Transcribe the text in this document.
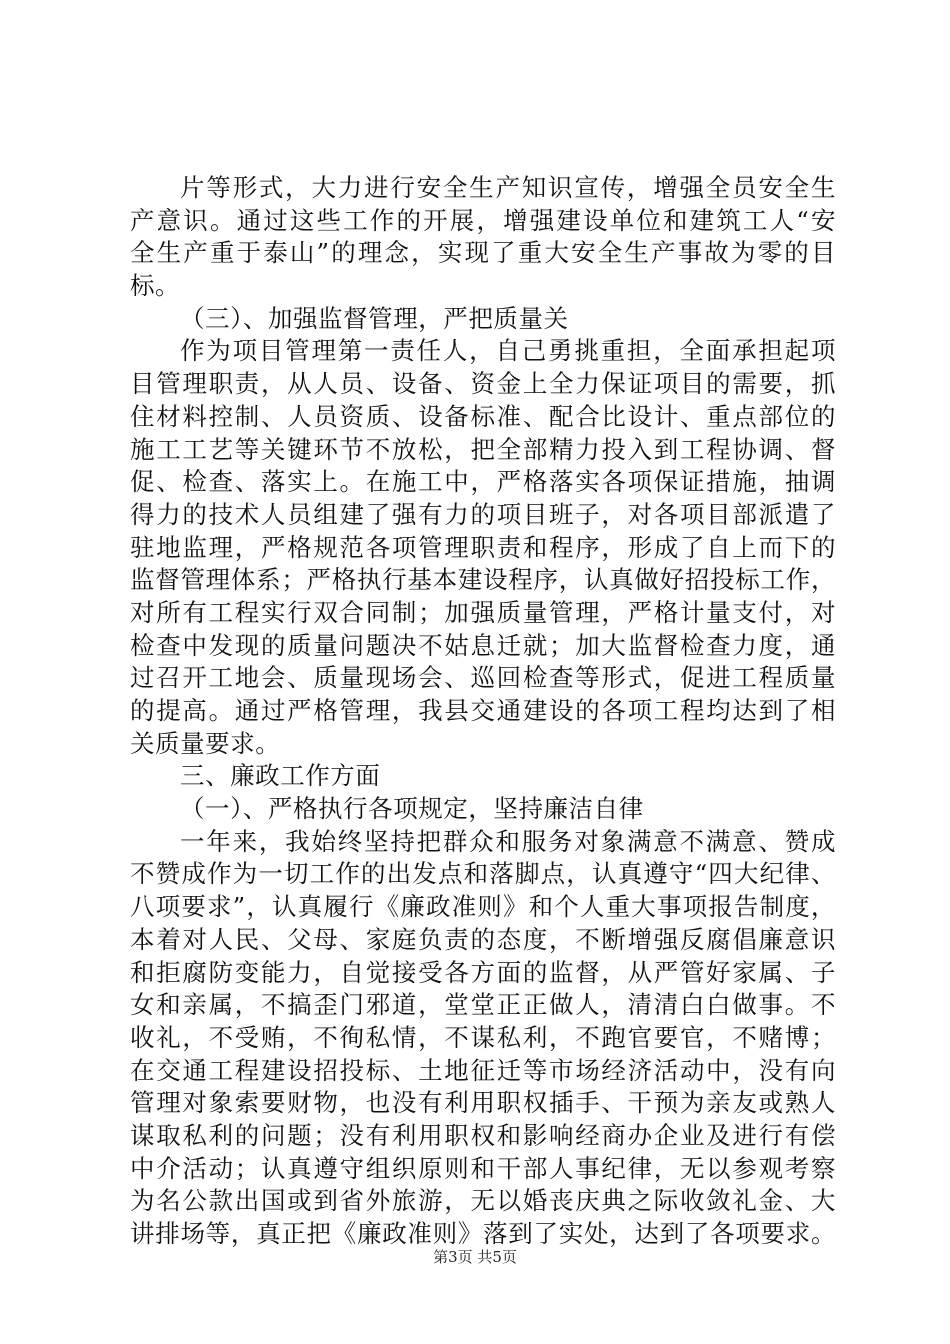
片等形式，大力进行安全生产知识宣传，增强全员安全生
产意识。通过这些工作的开展，增强建设单位和建筑工人“安
全生产重于泰山”的理念，实现了重大安全生产事故为零的目
标。
（三）、加强监督管理，严把质量关
作为项目管理第一责任人，自己勇挑重担，全面承担起项
目管理职责，从人员、设备、资金上全力保证项目的需要，抓
住材料控制、人员资质、设备标准、配合比设计、重点部位的
施工工艺等关键环节不放松，把全部精力投入到工程协调、督
促、检查、落实上。在施工中，严格落实各项保证措施，抽调
得力的技术人员组建了强有力的项目班子，对各项目部派遣了
驻地监理，严格规范各项管理职责和程序，形成了自上而下的
监督管理体系；严格执行基本建设程序，认真做好招投标工作，
对所有工程实行双合同制；加强质量管理，严格计量支付，对
检查中发现的质量问题决不姑息迁就；加大监督检查力度，通
过召开工地会、质量现场会、巡回检查等形式，促进工程质量
的提高。通过严格管理，我县交通建设的各项工程均达到了相
关质量要求。
三、廉政工作方面
（一）、严格执行各项规定，坚持廉洁自律
一年来，我始终坚持把群众和服务对象满意不满意、赞成
不赞成作为一切工作的出发点和落脚点，认真遵守“四大纪律、
八项要求”，认真履行《廉政准则》和个人重大事项报告制度，
本着对人民、父母、家庭负责的态度，不断增强反腐倡廉意识
和拒腐防变能力，自觉接受各方面的监督，从严管好家属、子
女和亲属，不搞歪门邪道，堂堂正正做人，清清白白做事。不
收礼，不受贿，不徇私情，不谋私利，不跑官要官，不赌博；
在交通工程建设招投标、土地征迁等市场经济活动中，没有向
管理对象索要财物，也没有利用职权插手、干预为亲友或熟人
谋取私利的问题；没有利用职权和影响经商办企业及进行有偿
中介活动；认真遵守组织原则和干部人事纪律，无以参观考察
为名公款出国或到省外旅游，无以婚丧庆典之际收敛礼金、大
讲排场等，真正把《廉政准则》落到了实处，达到了各项要求。
第3页 共5页
